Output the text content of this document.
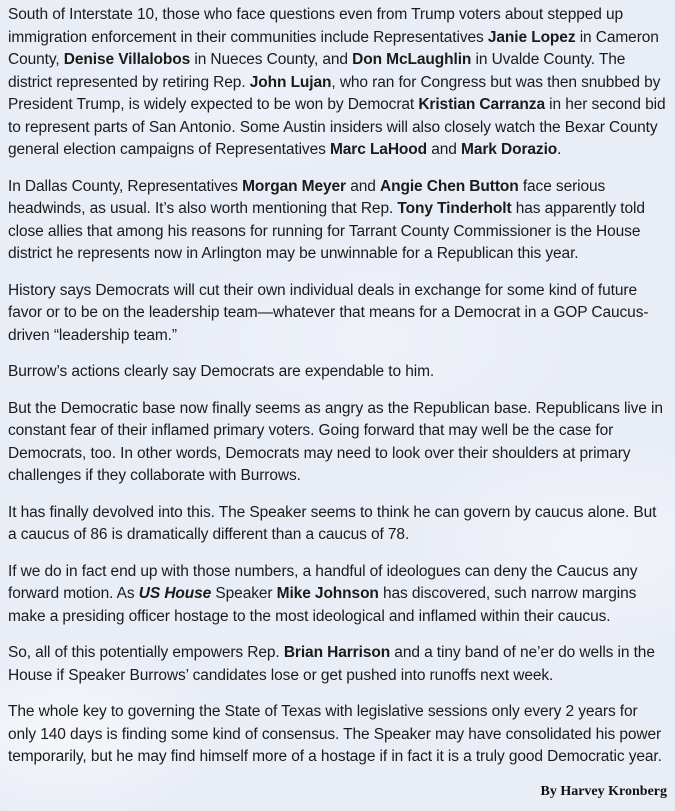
South of Interstate 10, those who face questions even from Trump voters about stepped up immigration enforcement in their communities include Representatives Janie Lopez in Cameron County, Denise Villalobos in Nueces County, and Don McLaughlin in Uvalde County. The district represented by retiring Rep. John Lujan, who ran for Congress but was then snubbed by President Trump, is widely expected to be won by Democrat Kristian Carranza in her second bid to represent parts of San Antonio. Some Austin insiders will also closely watch the Bexar County general election campaigns of Representatives Marc LaHood and Mark Dorazio.

In Dallas County, Representatives Morgan Meyer and Angie Chen Button face serious headwinds, as usual. It’s also worth mentioning that Rep. Tony Tinderholt has apparently told close allies that among his reasons for running for Tarrant County Commissioner is the House district he represents now in Arlington may be unwinnable for a Republican this year.

History says Democrats will cut their own individual deals in exchange for some kind of future favor or to be on the leadership team—whatever that means for a Democrat in a GOP Caucus-driven “leadership team.”

Burrow’s actions clearly say Democrats are expendable to him.

But the Democratic base now finally seems as angry as the Republican base. Republicans live in constant fear of their inflamed primary voters. Going forward that may well be the case for Democrats, too. In other words, Democrats may need to look over their shoulders at primary challenges if they collaborate with Burrows.

It has finally devolved into this. The Speaker seems to think he can govern by caucus alone. But a caucus of 86 is dramatically different than a caucus of 78.

If we do in fact end up with those numbers, a handful of ideologues can deny the Caucus any forward motion. As US House Speaker Mike Johnson has discovered, such narrow margins make a presiding officer hostage to the most ideological and inflamed within their caucus.

So, all of this potentially empowers Rep. Brian Harrison and a tiny band of ne’er do wells in the House if Speaker Burrows’ candidates lose or get pushed into runoffs next week.

The whole key to governing the State of Texas with legislative sessions only every 2 years for only 140 days is finding some kind of consensus. The Speaker may have consolidated his power temporarily, but he may find himself more of a hostage if in fact it is a truly good Democratic year.

By Harvey Kronberg
